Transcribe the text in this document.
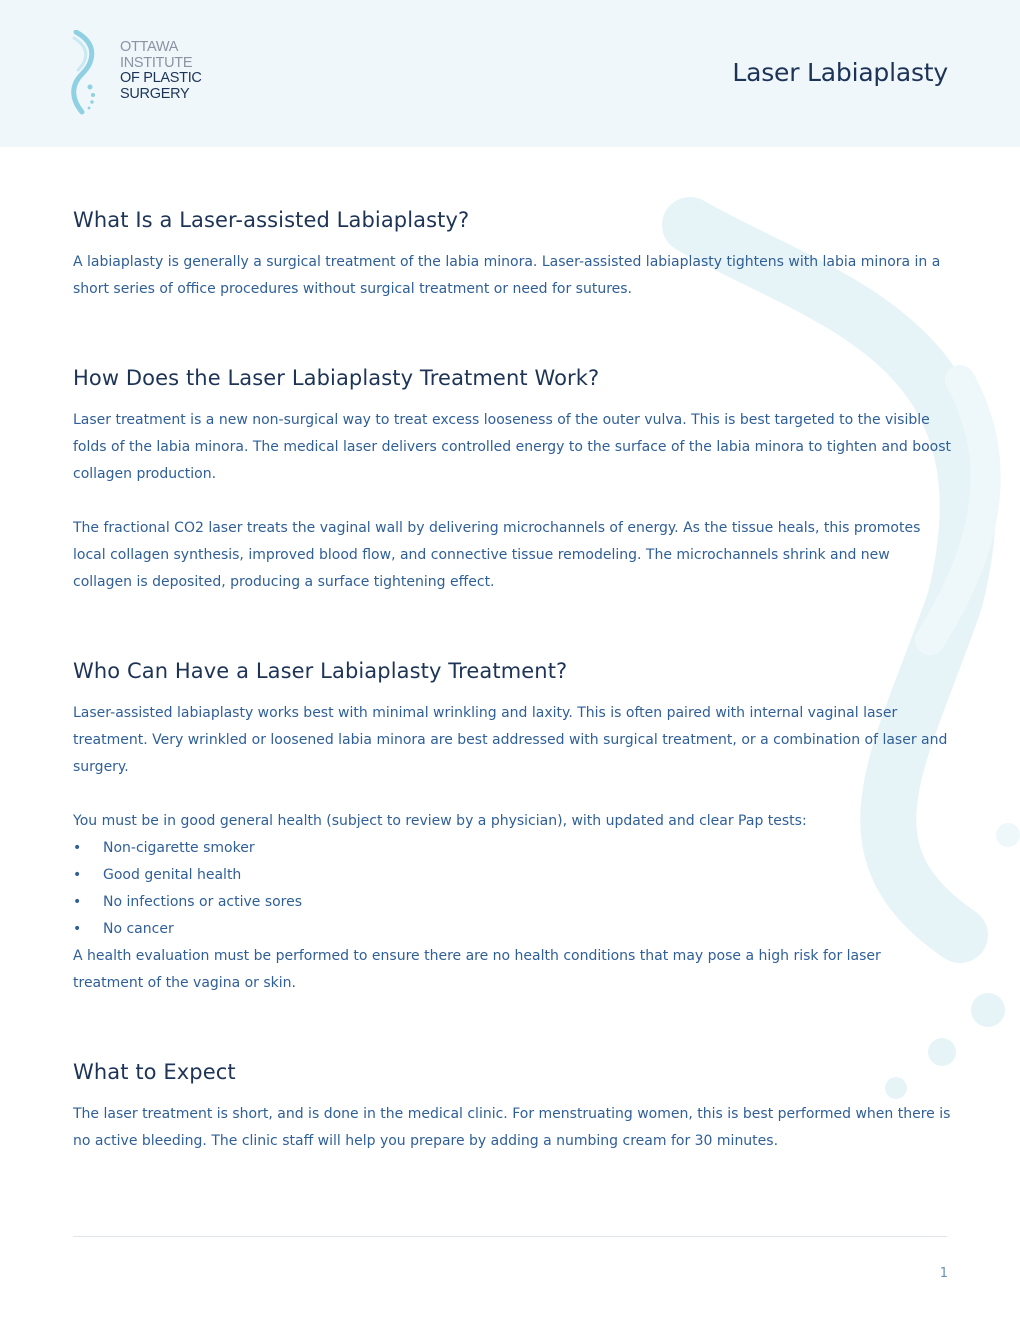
OTTAWA
INSTITUTE
OF PLASTIC
SURGERY
Laser Labiaplasty
What Is a Laser-assisted Labiaplasty?

A labiaplasty is generally a surgical treatment of the labia minora. Laser-assisted labiaplasty tightens with labia minora in a short series of office procedures without surgical treatment or need for sutures.

How Does the Laser Labiaplasty Treatment Work?

Laser treatment is a new non-surgical way to treat excess looseness of the outer vulva. This is best targeted to the visible folds of the labia minora. The medical laser delivers controlled energy to the surface of the labia minora to tighten and boost collagen production.

The fractional CO2 laser treats the vaginal wall by delivering microchannels of energy. As the tissue heals, this promotes local collagen synthesis, improved blood flow, and connective tissue remodeling. The microchannels shrink and new collagen is deposited, producing a surface tightening effect.

Who Can Have a Laser Labiaplasty Treatment?

Laser-assisted labiaplasty works best with minimal wrinkling and laxity. This is often paired with internal vaginal laser treatment. Very wrinkled or loosened labia minora are best addressed with surgical treatment, or a combination of laser and surgery.

You must be in good general health (subject to review by a physician), with updated and clear Pap tests:

• Non-cigarette smoker
• Good genital health
• No infections or active sores
• No cancer

A health evaluation must be performed to ensure there are no health conditions that may pose a high risk for laser treatment of the vagina or skin.

What to Expect

The laser treatment is short, and is done in the medical clinic. For menstruating women, this is best performed when there is no active bleeding. The clinic staff will help you prepare by adding a numbing cream for 30 minutes.

1
